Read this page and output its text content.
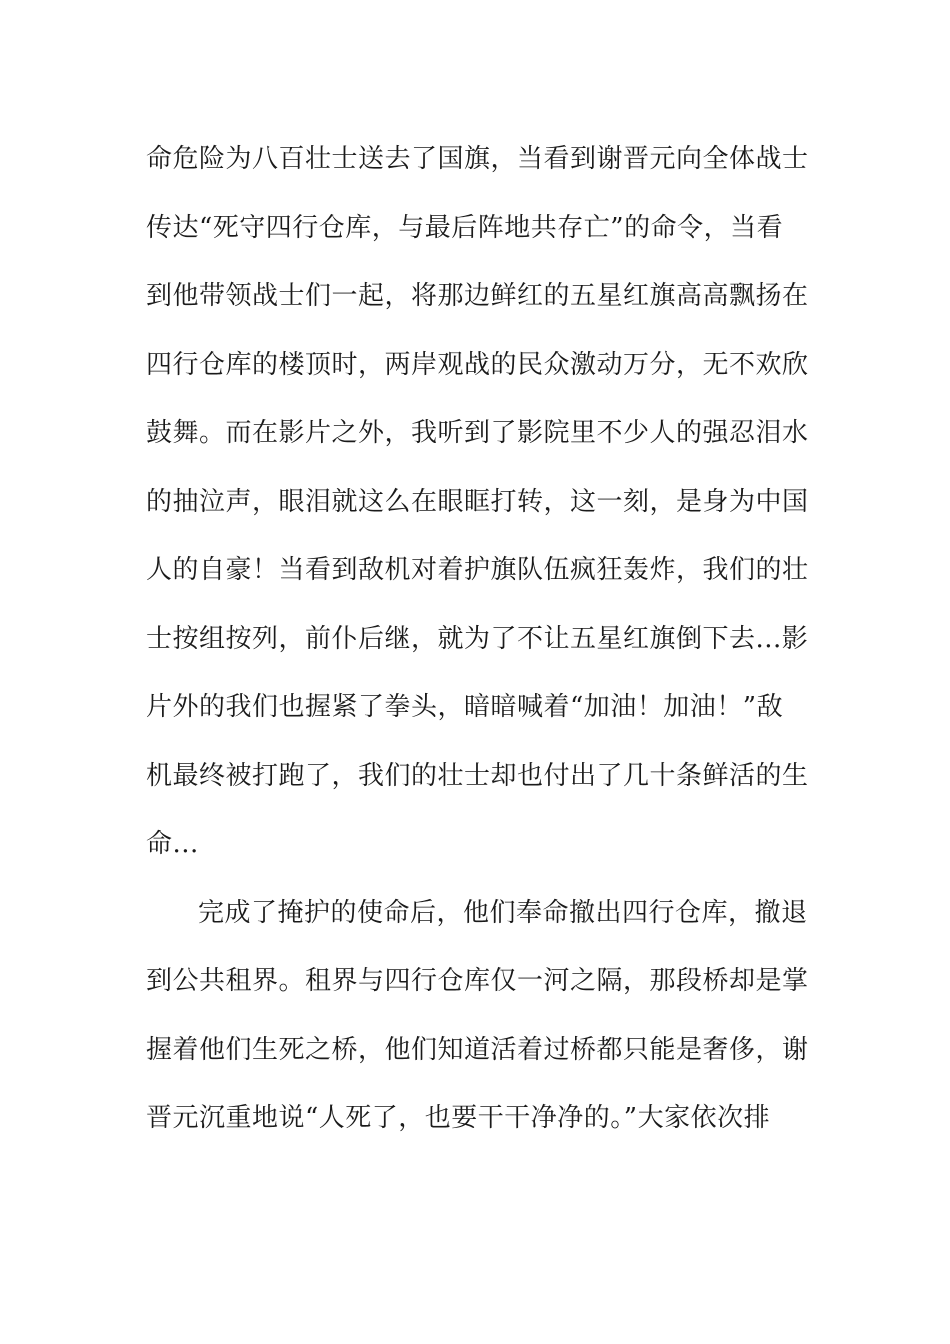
命危险为八百壮士送去了国旗，当看到谢晋元向全体战士
传达“死守四行仓库，与最后阵地共存亡”的命令，当看
到他带领战士们一起，将那边鲜红的五星红旗高高飘扬在
四行仓库的楼顶时，两岸观战的民众激动万分，无不欢欣
鼓舞。而在影片之外，我听到了影院里不少人的强忍泪水
的抽泣声，眼泪就这么在眼眶打转，这一刻，是身为中国
人的自豪！当看到敌机对着护旗队伍疯狂轰炸，我们的壮
士按组按列，前仆后继，就为了不让五星红旗倒下去...影
片外的我们也握紧了拳头，暗暗喊着“加油！加油！”敌
机最终被打跑了，我们的壮士却也付出了几十条鲜活的生
命...
完成了掩护的使命后，他们奉命撤出四行仓库，撤退
到公共租界。租界与四行仓库仅一河之隔，那段桥却是掌
握着他们生死之桥，他们知道活着过桥都只能是奢侈，谢
晋元沉重地说“人死了，也要干干净净的。”大家依次排
